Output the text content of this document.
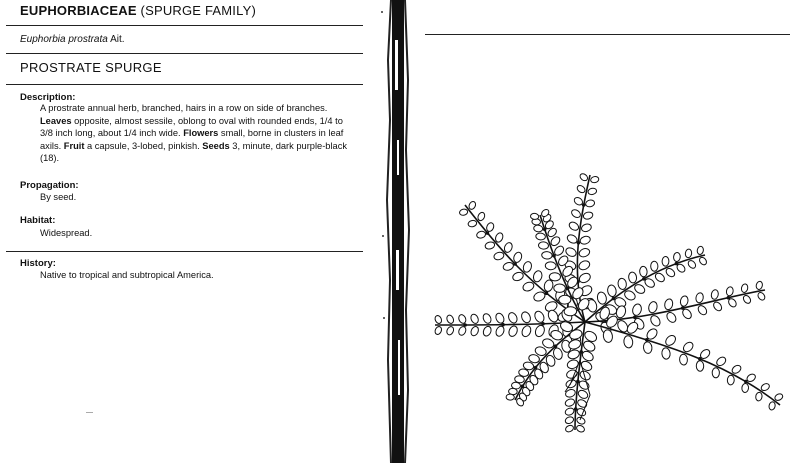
EUPHORBIACEAE (SPURGE FAMILY)
Euphorbia prostrata Ait.
PROSTRATE SPURGE
Description:
A prostrate annual herb, branched, hairs in a row on side of branches. Leaves opposite, almost sessile, oblong to oval with rounded ends, 1/4 to 3/8 inch long, about 1/4 inch wide. Flowers small, borne in clusters in leaf axils. Fruit a capsule, 3-lobed, pinkish. Seeds 3, minute, dark purple-black (18).
Propagation:
By seed.
Habitat:
Widespread.
History:
Native to tropical and subtropical America.
—
